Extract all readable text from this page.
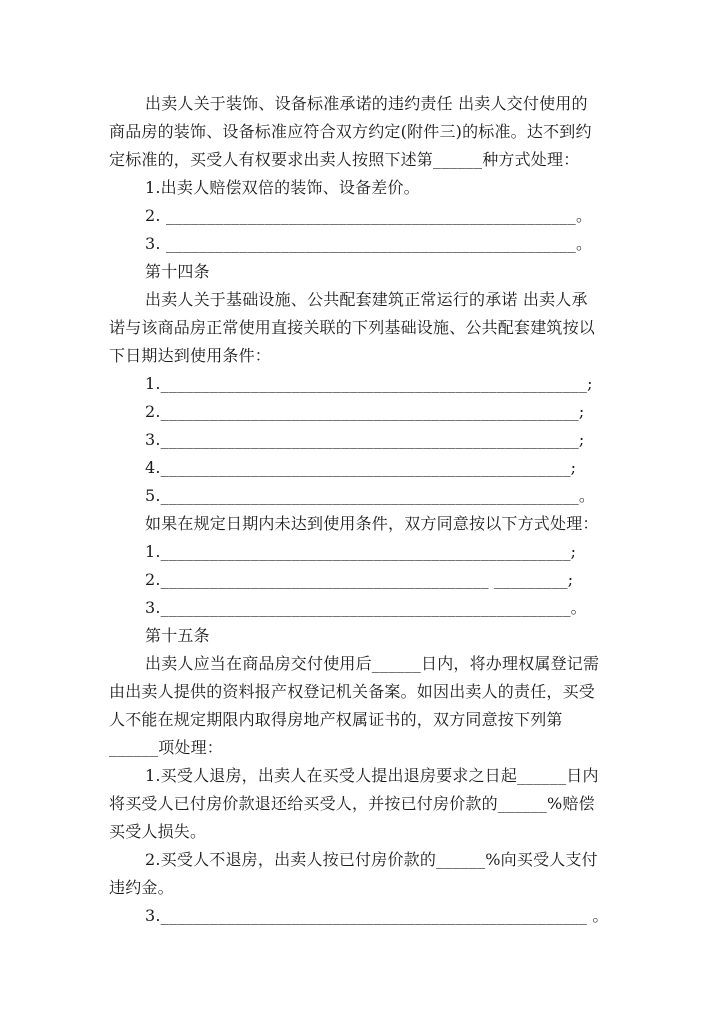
出卖人关于装饰、设备标准承诺的违约责任 出卖人交付使用的
商品房的装饰、设备标准应符合双方约定(附件三)的标准。达不到约
定标准的，买受人有权要求出卖人按照下述第______种方式处理：
1.出卖人赔偿双倍的装饰、设备差价。
2. __________________________________________________。
3. __________________________________________________。
第十四条
出卖人关于基础设施、公共配套建筑正常运行的承诺 出卖人承
诺与该商品房正常使用直接关联的下列基础设施、公共配套建筑按以
下日期达到使用条件：
1.____________________________________________________;
2.___________________________________________________;
3.___________________________________________________;
4.__________________________________________________;
5.___________________________________________________。
如果在规定日期内未达到使用条件，双方同意按以下方式处理：
1.__________________________________________________;
2.________________________________________ _________;
3.__________________________________________________。
第十五条
出卖人应当在商品房交付使用后______日内，将办理权属登记需
由出卖人提供的资料报产权登记机关备案。如因出卖人的责任，买受
人不能在规定期限内取得房地产权属证书的，双方同意按下列第
______项处理：
1.买受人退房，出卖人在买受人提出退房要求之日起______日内
将买受人已付房价款退还给买受人，并按已付房价款的______%赔偿
买受人损失。
2.买受人不退房，出卖人按已付房价款的______%向买受人支付
违约金。
3.____________________________________________________ 。
